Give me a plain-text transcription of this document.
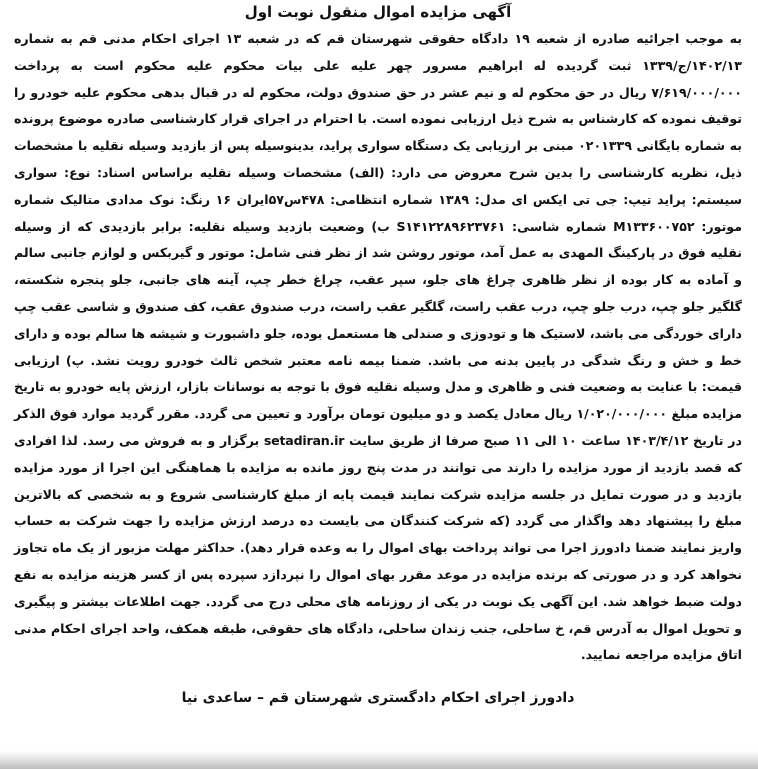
آگهی مزایده اموال منقول نوبت اول

به موجب اجرائیه صادره از شعبه ۱۹ دادگاه حقوقی شهرستان قم که در شعبه ۱۳ اجرای احکام مدنی قم به شماره ۱۴۰۲/۱۳/ج/۱۳۳۹ ثبت گردیده له ابراهیم مسرور چهر علیه علی بیات محکوم علیه محکوم است به پرداخت ۷/۶۱۹/۰۰۰/۰۰۰ ریال در حق محکوم له و نیم عشر در حق صندوق دولت، محکوم له در قبال بدهی محکوم علیه خودرو را توقیف نموده که کارشناس به شرح ذیل ارزیابی نموده است. با احترام در اجرای قرار کارشناسی صادره موضوع پرونده به شماره بایگانی ۰۲۰۱۳۳۹ مبنی بر ارزیابی یک دستگاه سواری پراید، بدینوسیله پس از بازدید وسیله نقلیه با مشخصات ذیل، نظریه کارشناسی را بدین شرح معروض می دارد: (الف) مشخصات وسیله نقلیه براساس اسناد: نوع: سواری سیستم: پراید تیپ: جی تی ایکس ای مدل: ۱۳۸۹ شماره انتظامی: ۴۷۸س۵۷ایران ۱۶ رنگ: نوک مدادی متالیک شماره موتور: M۱۳۳۶۰۰۷۵۲ شماره شاسی: S۱۴۱۲۲۸۹۶۲۳۷۶۱ ب) وضعیت بازدید وسیله نقلیه: برابر بازدیدی که از وسیله نقلیه فوق در پارکینگ المهدی به عمل آمد، موتور روشن شد از نظر فنی شامل: موتور و گیربکس و لوازم جانبی سالم و آماده به کار بوده از نظر ظاهری چراغ های جلو، سپر عقب، چراغ خطر چپ، آینه های جانبی، جلو پنجره شکسته، گلگیر جلو چپ، درب جلو چپ، درب عقب راست، گلگیر عقب راست، درب صندوق عقب، کف صندوق و شاسی عقب چپ دارای خوردگی می باشد، لاستیک ها و تودوزی و صندلی ها مستعمل بوده، جلو داشبورت و شیشه ها سالم بوده و دارای خط و خش و رنگ شدگی در پایین بدنه می باشد. ضمنا بیمه نامه معتبر شخص ثالث خودرو رویت نشد. پ) ارزیابی قیمت: با عنایت به وضعیت فنی و ظاهری و مدل وسیله نقلیه فوق با توجه به نوسانات بازار، ارزش پایه خودرو به تاریخ مزایده مبلغ ۱/۰۲۰/۰۰۰/۰۰۰ ریال معادل یکصد و دو میلیون تومان برآورد و تعیین می گردد. مقرر گردید موارد فوق الذکر در تاریخ ۱۴۰۳/۴/۱۲ ساعت ۱۰ الی ۱۱ صبح صرفا از طریق سایت setadiran.ir برگزار و به فروش می رسد. لذا افرادی که قصد بازدید از مورد مزایده را دارند می توانند در مدت پنج روز مانده به مزایده با هماهنگی این اجرا از مورد مزایده بازدید و در صورت تمایل در جلسه مزایده شرکت نمایند قیمت پایه از مبلغ کارشناسی شروع و به شخصی که بالاترین مبلغ را پیشنهاد دهد واگذار می گردد (که شرکت کنندگان می بایست ده درصد ارزش مزایده را جهت شرکت به حساب واریز نمایند ضمنا دادورز اجرا می تواند پرداخت بهای اموال را به وعده قرار دهد). حداکثر مهلت مزبور از یک ماه تجاوز نخواهد کرد و در صورتی که برنده مزایده در موعد مقرر بهای اموال را نپردازد سپرده پس از کسر هزینه مزایده به نفع دولت ضبط خواهد شد. این آگهی یک نوبت در یکی از روزنامه های محلی درج می گردد. جهت اطلاعات بیشتر و پیگیری و تحویل اموال به آدرس قم، خ ساحلی، جنب زندان ساحلی، دادگاه های حقوقی، طبقه همکف، واحد اجرای احکام مدنی اتاق مزایده مراجعه نمایید.

دادورز اجرای احکام دادگستری شهرستان قم – ساعدی نیا
